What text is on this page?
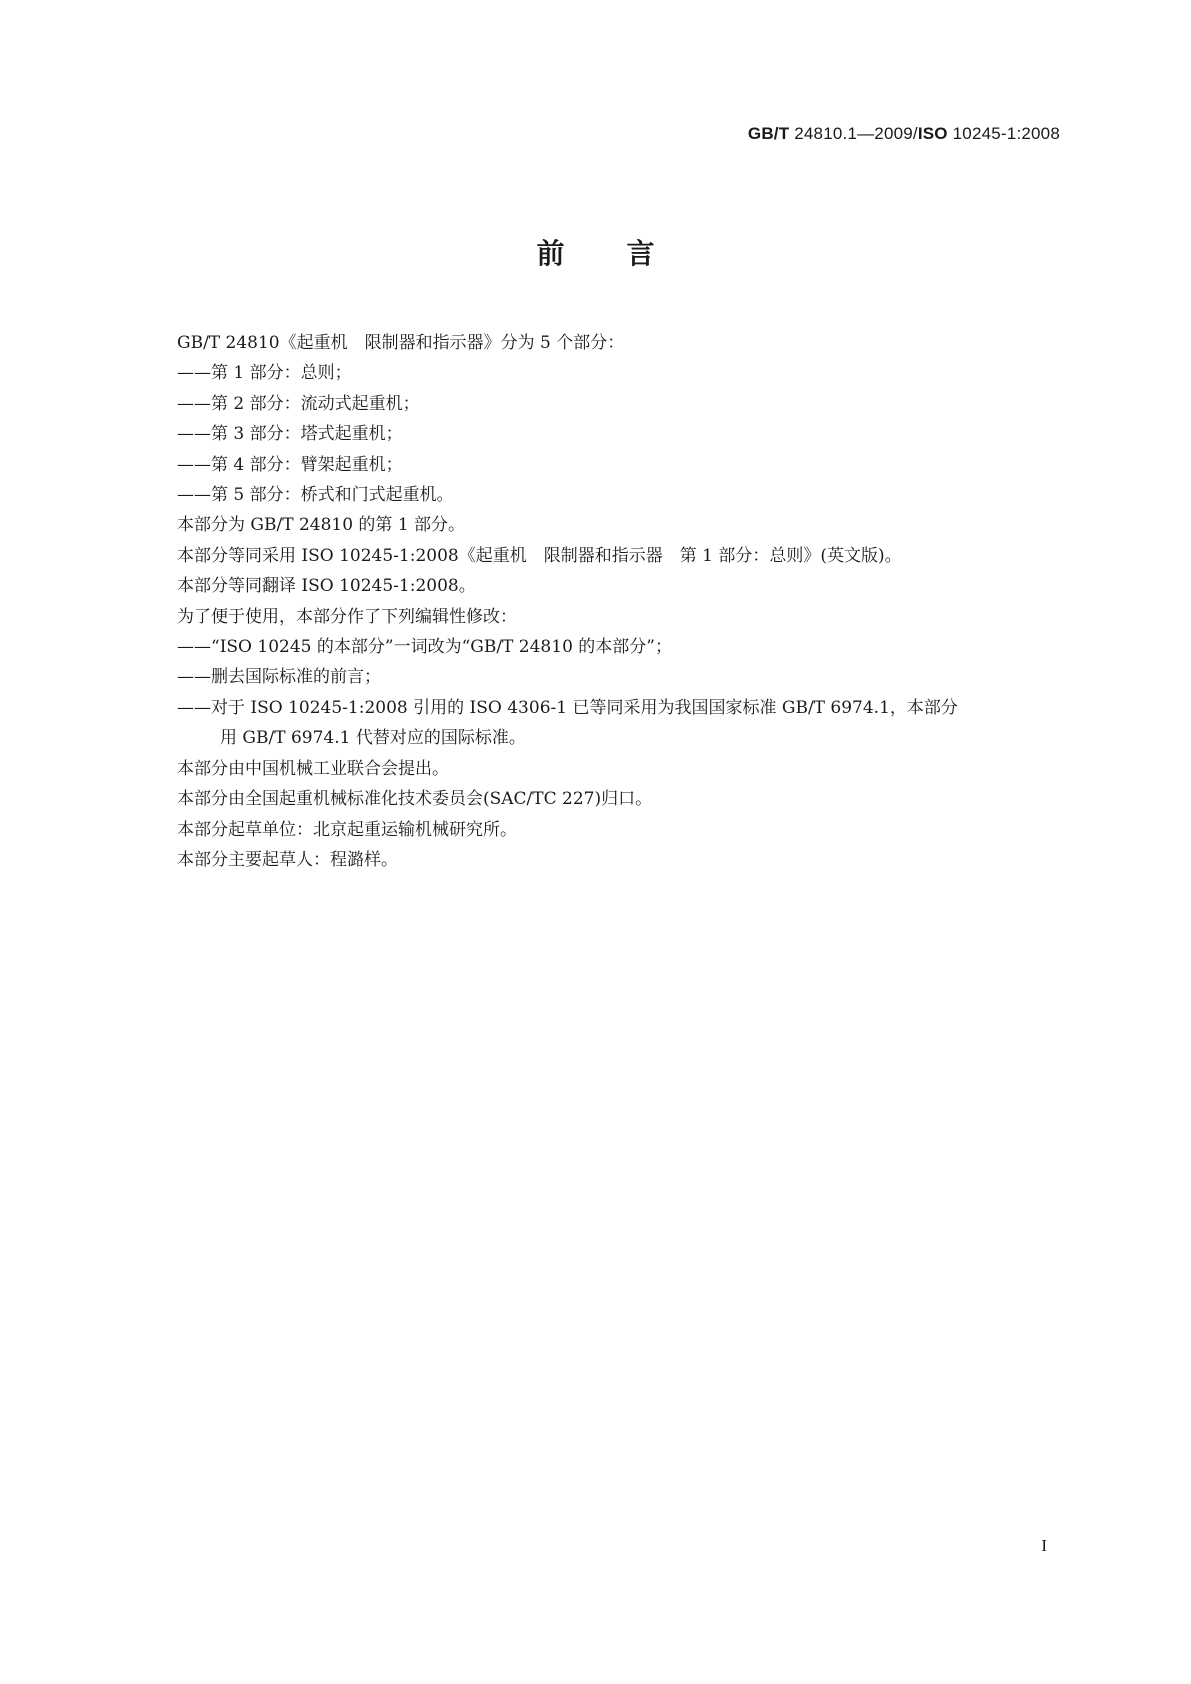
GB/T 24810.1—2009/ISO 10245-1:2008
前言
GB/T 24810《起重机　限制器和指示器》分为 5 个部分：
——第 1 部分：总则；
——第 2 部分：流动式起重机；
——第 3 部分：塔式起重机；
——第 4 部分：臂架起重机；
——第 5 部分：桥式和门式起重机。
本部分为 GB/T 24810 的第 1 部分。
本部分等同采用 ISO 10245-1:2008《起重机　限制器和指示器　第 1 部分：总则》(英文版)。
本部分等同翻译 ISO 10245-1:2008。
为了便于使用，本部分作了下列编辑性修改：
——“ISO 10245 的本部分”一词改为“GB/T 24810 的本部分”；
——删去国际标准的前言；
——对于 ISO 10245-1:2008 引用的 ISO 4306-1 已等同采用为我国国家标准 GB/T 6974.1，本部分
用 GB/T 6974.1 代替对应的国际标准。
本部分由中国机械工业联合会提出。
本部分由全国起重机械标准化技术委员会(SAC/TC 227)归口。
本部分起草单位：北京起重运输机械研究所。
本部分主要起草人：程潞样。
I
